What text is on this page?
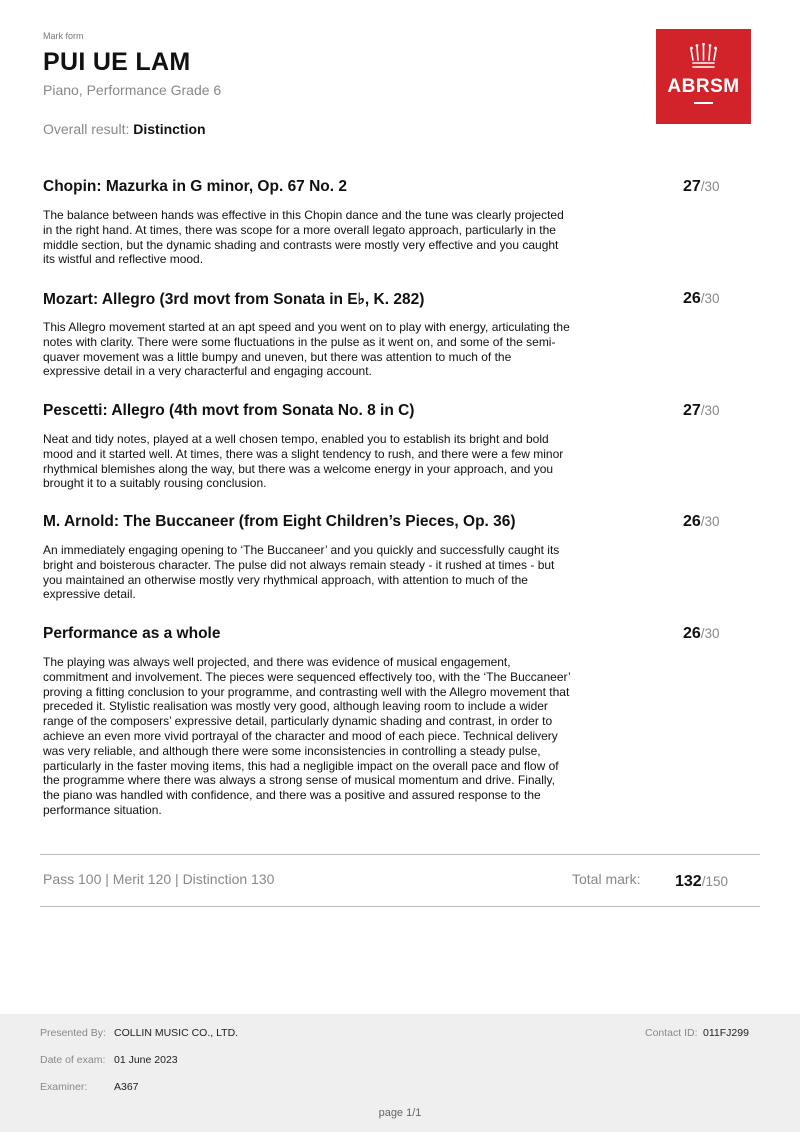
Mark form
PUI UE LAM
Piano, Performance Grade 6
Overall result: Distinction
ABRSM
Chopin: Mazurka in G minor, Op. 67 No. 2	27/30
The balance between hands was effective in this Chopin dance and the tune was clearly projected in the right hand. At times, there was scope for a more overall legato approach, particularly in the middle section, but the dynamic shading and contrasts were mostly very effective and you caught its wistful and reflective mood.
Mozart: Allegro (3rd movt from Sonata in E♭, K. 282)	26/30
This Allegro movement started at an apt speed and you went on to play with energy, articulating the notes with clarity. There were some fluctuations in the pulse as it went on, and some of the semi-quaver movement was a little bumpy and uneven, but there was attention to much of the expressive detail in a very characterful and engaging account.
Pescetti: Allegro (4th movt from Sonata No. 8 in C)	27/30
Neat and tidy notes, played at a well chosen tempo, enabled you to establish its bright and bold mood and it started well. At times, there was a slight tendency to rush, and there were a few minor rhythmical blemishes along the way, but there was a welcome energy in your approach, and you brought it to a suitably rousing conclusion.
M. Arnold: The Buccaneer (from Eight Children’s Pieces, Op. 36)	26/30
An immediately engaging opening to ‘The Buccaneer’ and you quickly and successfully caught its bright and boisterous character. The pulse did not always remain steady - it rushed at times - but you maintained an otherwise mostly very rhythmical approach, with attention to much of the expressive detail.
Performance as a whole	26/30
The playing was always well projected, and there was evidence of musical engagement, commitment and involvement. The pieces were sequenced effectively too, with the ‘The Buccaneer’ proving a fitting conclusion to your programme, and contrasting well with the Allegro movement that preceded it. Stylistic realisation was mostly very good, although leaving room to include a wider range of the composers’ expressive detail, particularly dynamic shading and contrast, in order to achieve an even more vivid portrayal of the character and mood of each piece. Technical delivery was very reliable, and although there were some inconsistencies in controlling a steady pulse, particularly in the faster moving items, this had a negligible impact on the overall pace and flow of the programme where there was always a strong sense of musical momentum and drive. Finally, the piano was handled with confidence, and there was a positive and assured response to the performance situation.
Pass 100 | Merit 120 | Distinction 130	Total mark: 132/150
Presented By: COLLIN MUSIC CO., LTD.
Date of exam: 01 June 2023
Examiner:	A367
Contact ID: 011FJ299
page 1/1
